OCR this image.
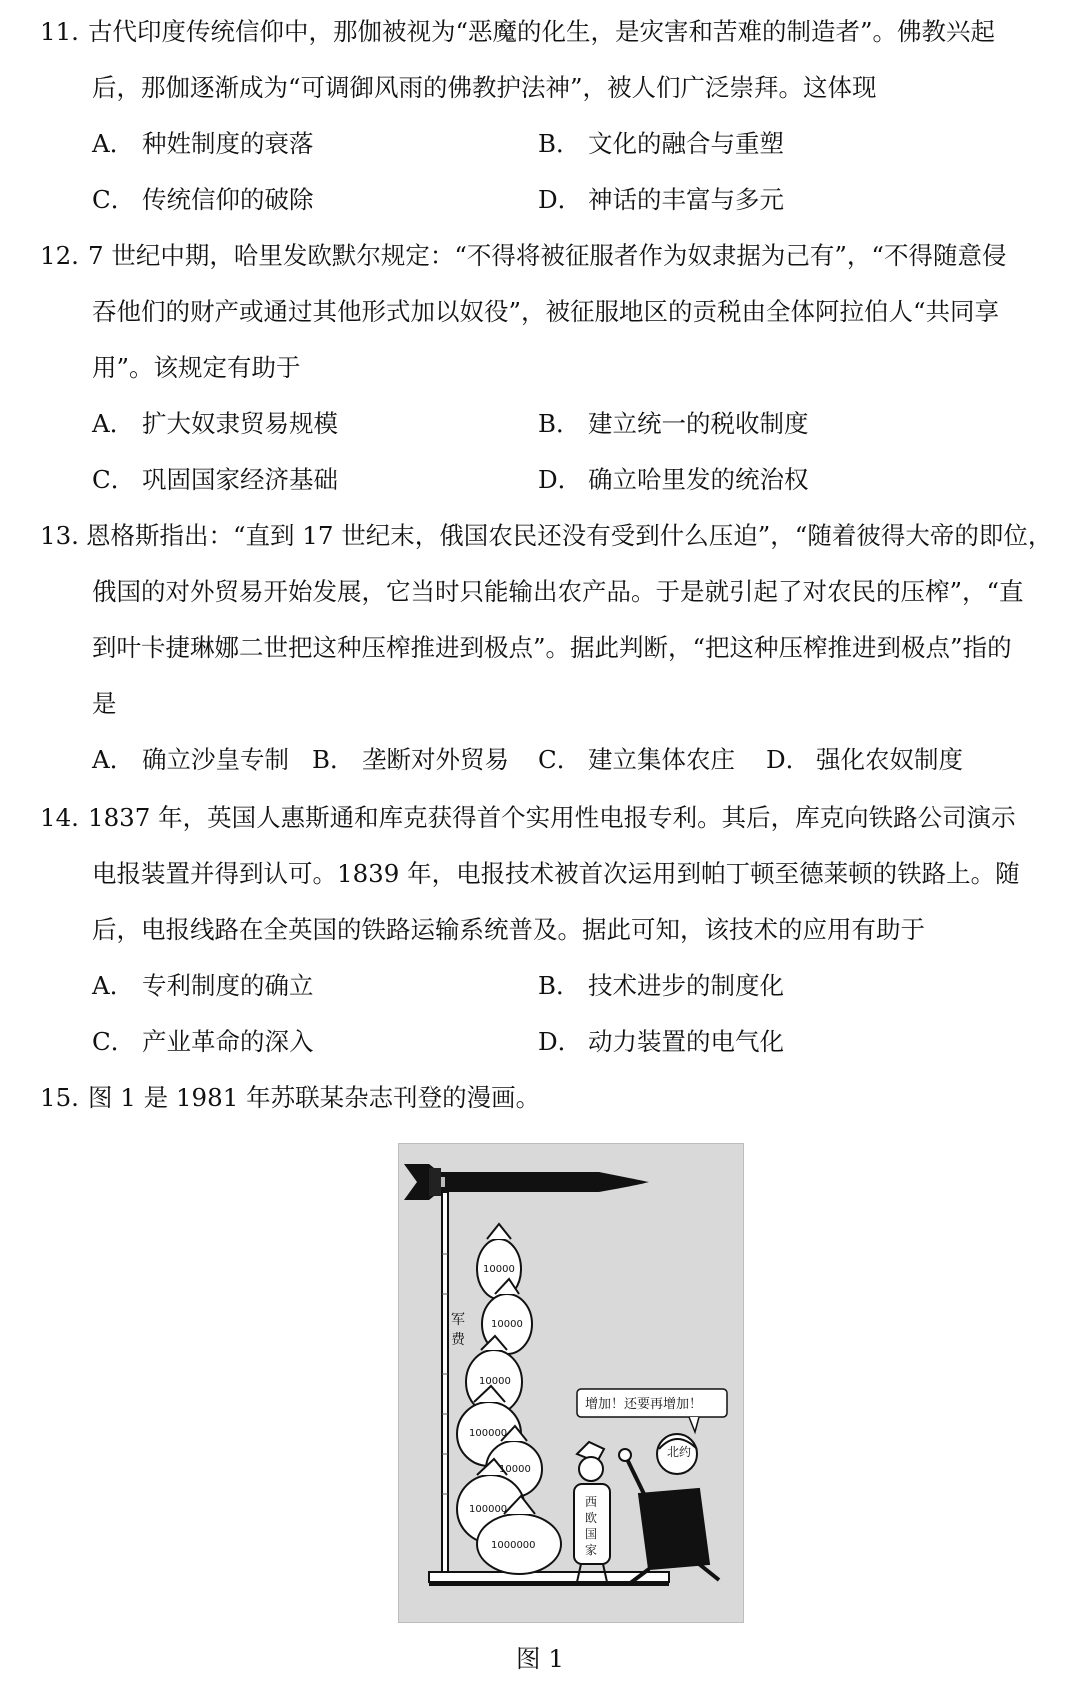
11. 古代印度传统信仰中，那伽被视为“恶魔的化生，是灾害和苦难的制造者”。佛教兴起
后，那伽逐渐成为“可调御风雨的佛教护法神”，被人们广泛崇拜。这体现
A． 种姓制度的衰落	B． 文化的融合与重塑
C． 传统信仰的破除	D． 神话的丰富与多元
12. 7 世纪中期，哈里发欧默尔规定：“不得将被征服者作为奴隶据为己有”，“不得随意侵
吞他们的财产或通过其他形式加以奴役”，被征服地区的贡税由全体阿拉伯人“共同享
用”。该规定有助于
A． 扩大奴隶贸易规模	B． 建立统一的税收制度
C． 巩固国家经济基础	D． 确立哈里发的统治权
13. 恩格斯指出：“直到 17 世纪末，俄国农民还没有受到什么压迫”，“随着彼得大帝的即位，
俄国的对外贸易开始发展，它当时只能输出农产品。于是就引起了对农民的压榨”，“直
到叶卡捷琳娜二世把这种压榨推进到极点”。据此判断，“把这种压榨推进到极点”指的
是
A． 确立沙皇专制 B． 垄断对外贸易 C． 建立集体农庄 D． 强化农奴制度
14. 1837 年，英国人惠斯通和库克获得首个实用性电报专利。其后，库克向铁路公司演示
电报装置并得到认可。1839 年，电报技术被首次运用到帕丁顿至德莱顿的铁路上。随
后，电报线路在全英国的铁路运输系统普及。据此可知，该技术的应用有助于
A． 专利制度的确立	B． 技术进步的制度化
C． 产业革命的深入	D． 动力装置的电气化
15. 图 1 是 1981 年苏联某杂志刊登的漫画。
军
费
10000
10000
10000
100000
10000
100000
1000000
增加！还要再增加！
西
欧
国
家
北约
图 1
